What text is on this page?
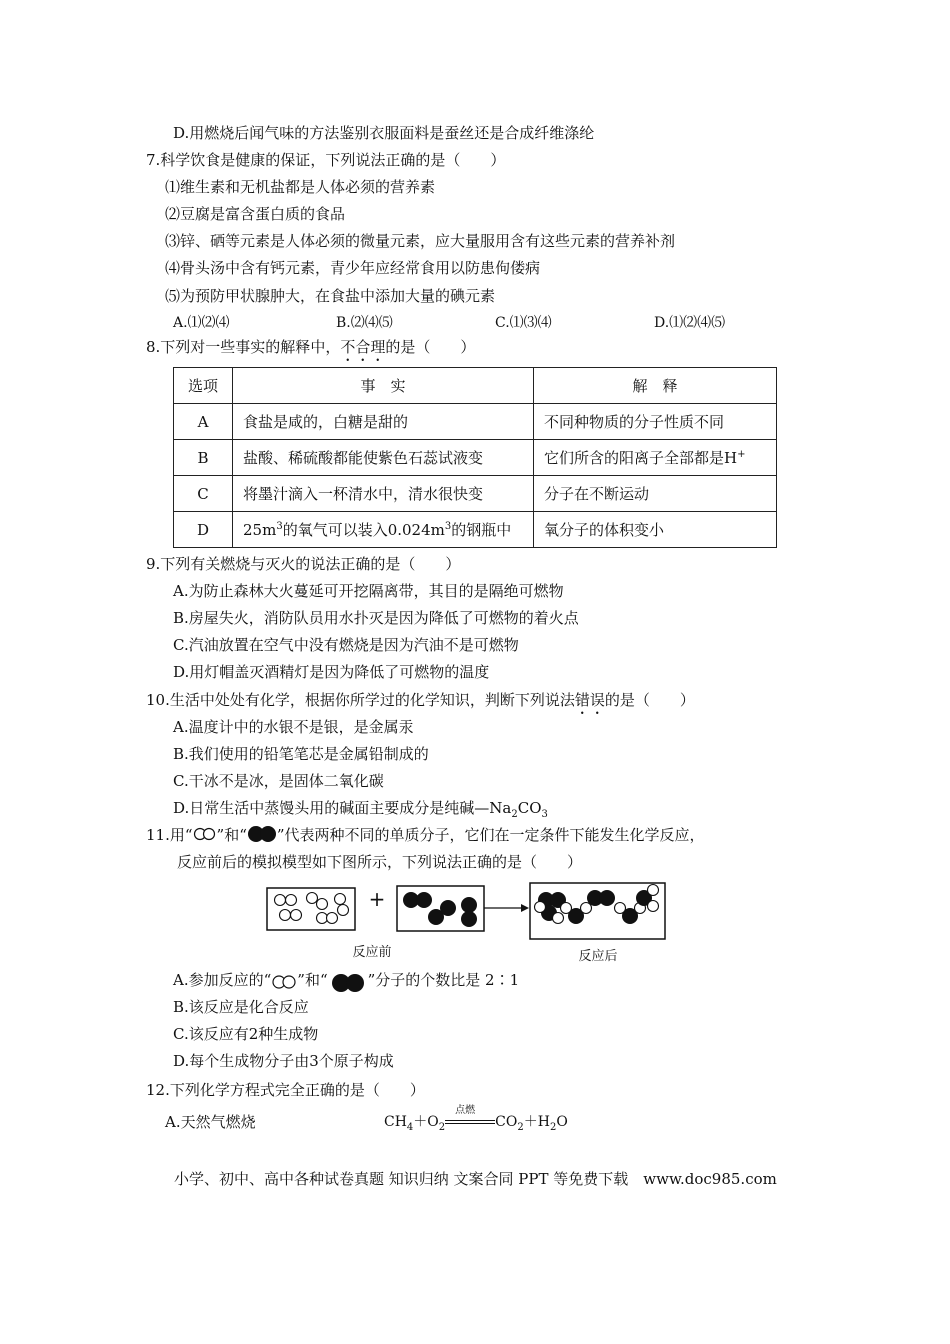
D.用燃烧后闻气味的方法鉴别衣服面料是蚕丝还是合成纤维涤纶
7.科学饮食是健康的保证，下列说法正确的是（　　）
⑴维生素和无机盐都是人体必须的营养素
⑵豆腐是富含蛋白质的食品
⑶锌、硒等元素是人体必须的微量元素，应大量服用含有这些元素的营养补剂
⑷骨头汤中含有钙元素，青少年应经常食用以防患佝偻病
⑸为预防甲状腺肿大，在食盐中添加大量的碘元素
A.⑴⑵⑷	B.⑵⑷⑸	C.⑴⑶⑷	D.⑴⑵⑷⑸
8.下列对一些事实的解释中，不合理的是（　　）
选项	事　实	解　释
A	食盐是咸的，白糖是甜的	不同种物质的分子性质不同
B	盐酸、稀硫酸都能使紫色石蕊试液变	它们所含的阳离子全部都是H+
C	将墨汁滴入一杯清水中，清水很快变	分子在不断运动
D	$25m^3$的氧气可以装入$0.024m^3$的钢瓶中	氧分子的体积变小
9.下列有关燃烧与灭火的说法正确的是（　　）
A.为防止森林大火蔓延可开挖隔离带，其目的是隔绝可燃物
B.房屋失火，消防队员用水扑灭是因为降低了可燃物的着火点
C.汽油放置在空气中没有燃烧是因为汽油不是可燃物
D.用灯帽盖灭酒精灯是因为降低了可燃物的温度
10.生活中处处有化学，根据你所学过的化学知识，判断下列说法错误的是（　　）
A.温度计中的水银不是银，是金属汞
B.我们使用的铅笔笔芯是金属铅制成的
C.干冰不是冰，是固体二氧化碳
D.日常生活中蒸馒头用的碱面主要成分是纯碱$—Na_2CO_3$
11.用“ ”和“ ”代表两种不同的单质分子，它们在一定条件下能发生化学反应，
反应前后的模拟模型如下图所示，下列说法正确的是（　　）
+
反应前	反应后
A.参加反应的“ ”和“	”分子的个数比是 2∶1
B.该反应是化合反应
C.该反应有2种生成物
D.每个生成物分子由3个原子构成
12.下列化学方程式完全正确的是（　　）
A.天然气燃烧	$CH_4+O_2$
点燃
$CO_2+H_2O$
小学、初中、高中各种试卷真题 知识归纳 文案合同 PPT 等免费下载　www.doc985.com
